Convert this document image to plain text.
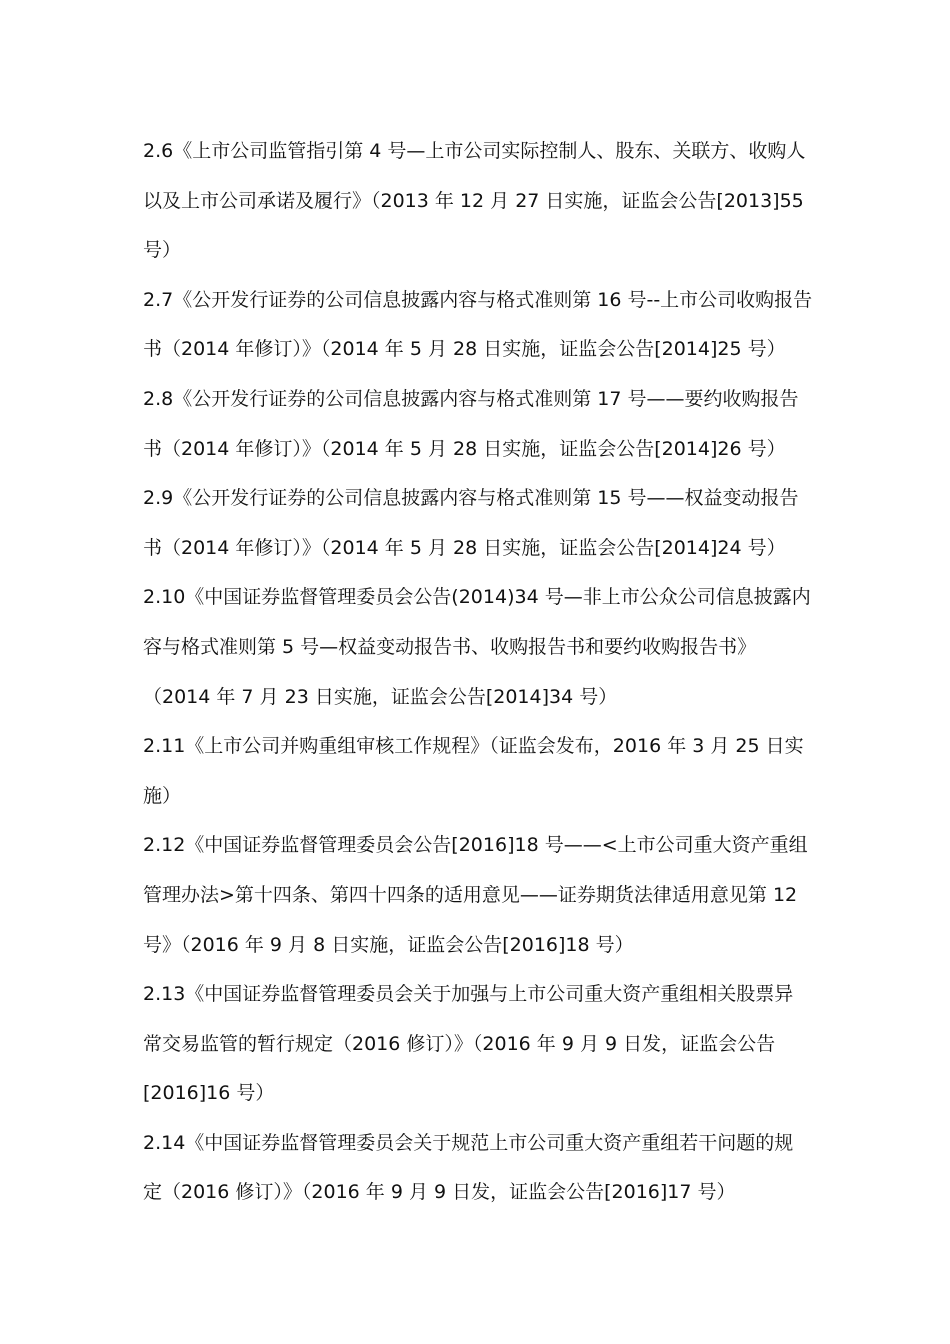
2.6《上市公司监管指引第 4 号—上市公司实际控制人、股东、关联方、收购人
以及上市公司承诺及履行》（2013 年 12 月 27 日实施，证监会公告[2013]55
号）

2.7《公开发行证券的公司信息披露内容与格式准则第 16 号--上市公司收购报告
书（2014 年修订）》（2014 年 5 月 28 日实施，证监会公告[2014]25 号）

2.8《公开发行证券的公司信息披露内容与格式准则第 17 号——要约收购报告
书（2014 年修订）》（2014 年 5 月 28 日实施，证监会公告[2014]26 号）

2.9《公开发行证券的公司信息披露内容与格式准则第 15 号——权益变动报告
书（2014 年修订）》（2014 年 5 月 28 日实施，证监会公告[2014]24 号）

2.10《中国证券监督管理委员会公告(2014)34 号—非上市公众公司信息披露内
容与格式准则第 5 号—权益变动报告书、收购报告书和要约收购报告书》
（2014 年 7 月 23 日实施，证监会公告[2014]34 号）

2.11《上市公司并购重组审核工作规程》（证监会发布，2016 年 3 月 25 日实
施）

2.12《中国证券监督管理委员会公告[2016]18 号——<上市公司重大资产重组
管理办法>第十四条、第四十四条的适用意见——证券期货法律适用意见第 12
号》（2016 年 9 月 8 日实施，证监会公告[2016]18 号）

2.13《中国证券监督管理委员会关于加强与上市公司重大资产重组相关股票异
常交易监管的暂行规定（2016 修订）》（2016 年 9 月 9 日发，证监会公告
[2016]16 号）

2.14《中国证券监督管理委员会关于规范上市公司重大资产重组若干问题的规
定（2016 修订）》（2016 年 9 月 9 日发，证监会公告[2016]17 号）
